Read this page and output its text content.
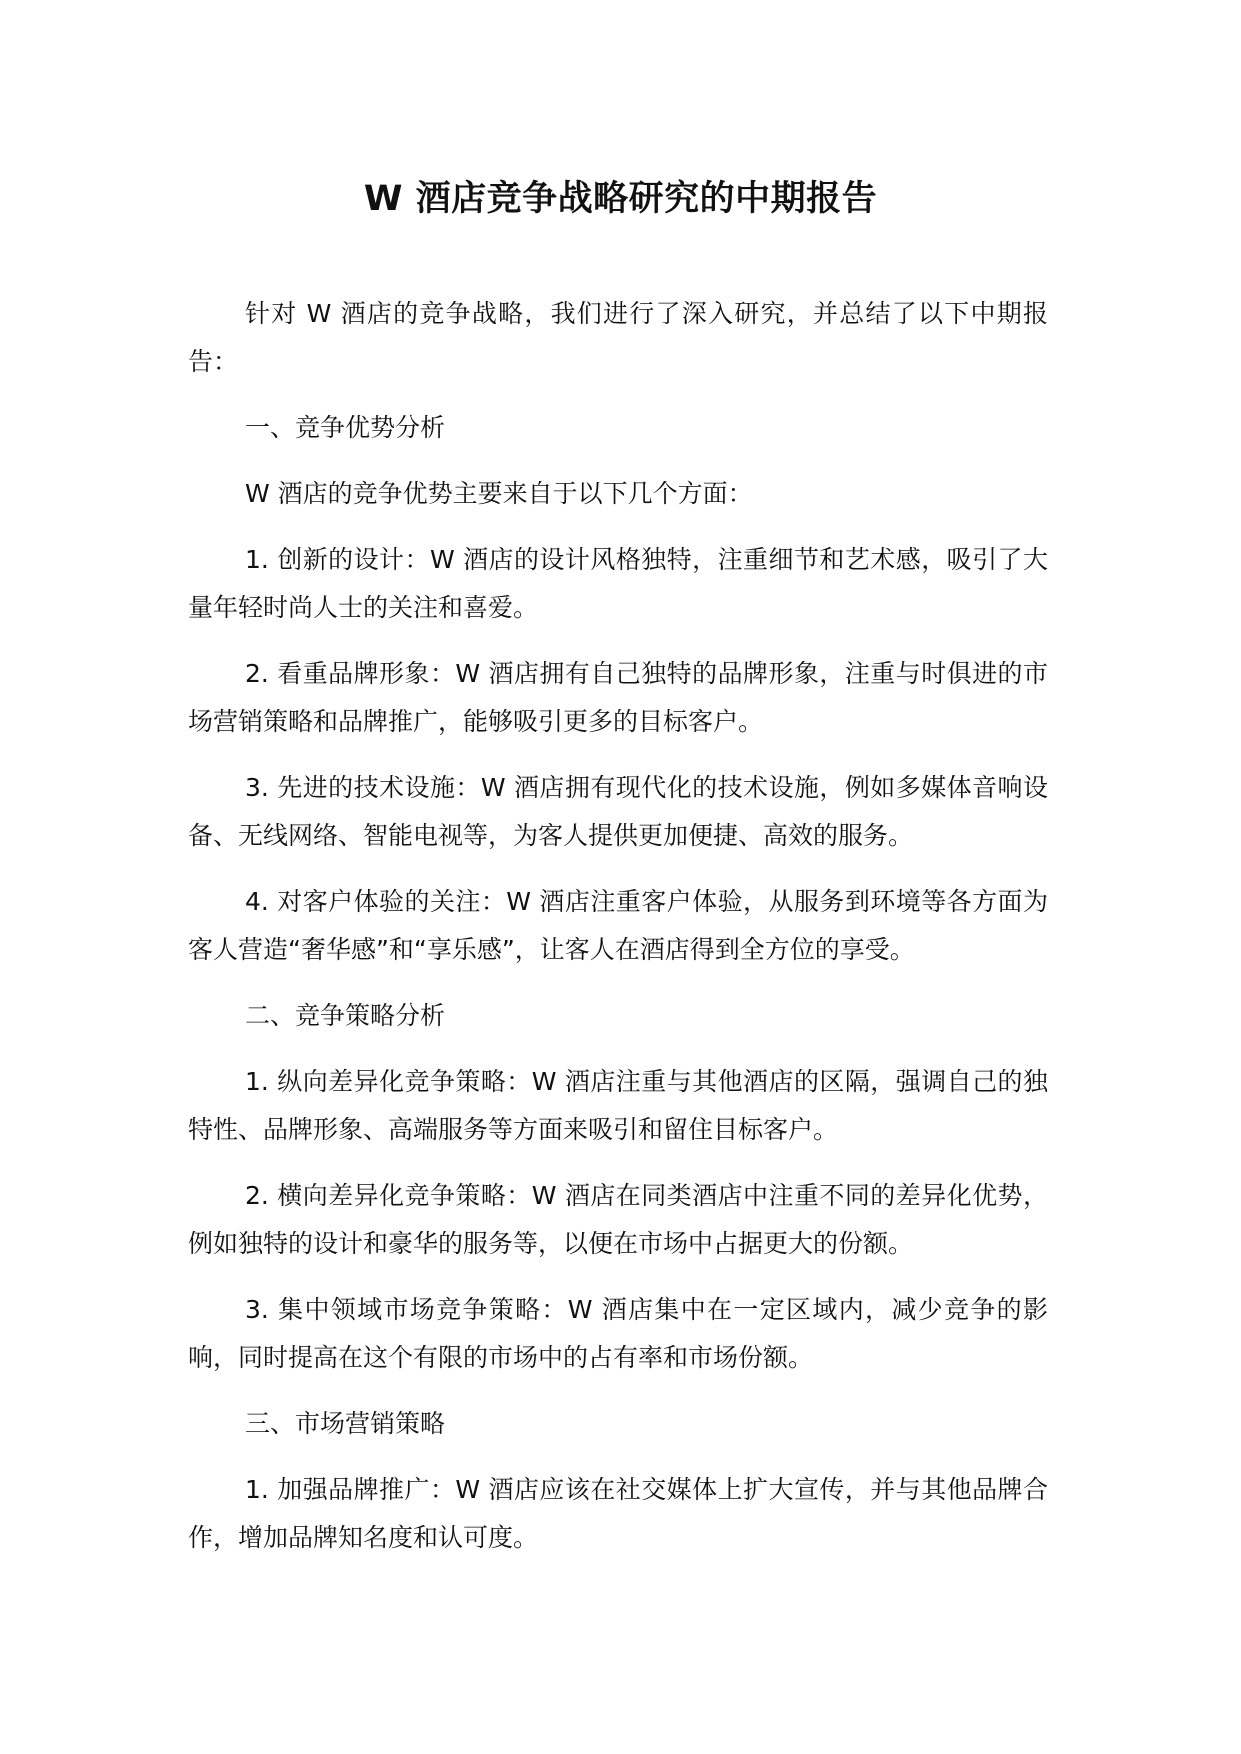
W 酒店竞争战略研究的中期报告

针对 W 酒店的竞争战略，我们进行了深入研究，并总结了以下中期报告：

一、竞争优势分析

W 酒店的竞争优势主要来自于以下几个方面：

1. 创新的设计：W 酒店的设计风格独特，注重细节和艺术感，吸引了大量年轻时尚人士的关注和喜爱。

2. 看重品牌形象：W 酒店拥有自己独特的品牌形象，注重与时俱进的市场营销策略和品牌推广，能够吸引更多的目标客户。

3. 先进的技术设施：W 酒店拥有现代化的技术设施，例如多媒体音响设备、无线网络、智能电视等，为客人提供更加便捷、高效的服务。

4. 对客户体验的关注：W 酒店注重客户体验，从服务到环境等各方面为客人营造“奢华感”和“享乐感”，让客人在酒店得到全方位的享受。

二、竞争策略分析

1. 纵向差异化竞争策略：W 酒店注重与其他酒店的区隔，强调自己的独特性、品牌形象、高端服务等方面来吸引和留住目标客户。

2. 横向差异化竞争策略：W 酒店在同类酒店中注重不同的差异化优势，例如独特的设计和豪华的服务等，以便在市场中占据更大的份额。

3. 集中领域市场竞争策略：W 酒店集中在一定区域内，减少竞争的影响，同时提高在这个有限的市场中的占有率和市场份额。

三、市场营销策略

1. 加强品牌推广：W 酒店应该在社交媒体上扩大宣传，并与其他品牌合作，增加品牌知名度和认可度。
